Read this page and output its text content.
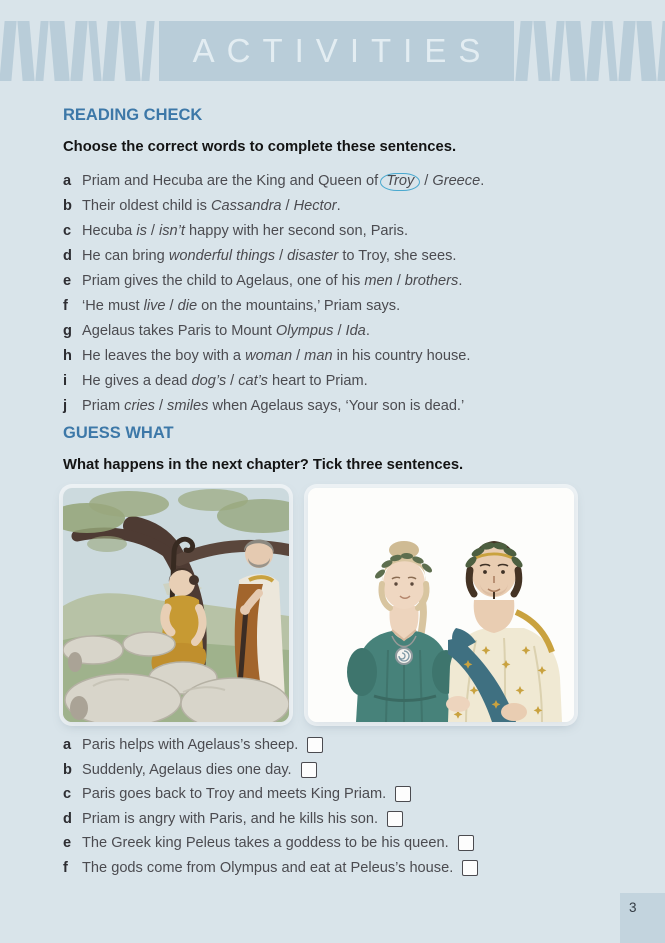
ACTIVITIES
READING CHECK

Choose the correct words to complete these sentences.

a Priam and Hecuba are the King and Queen of Troy / Greece.
b Their oldest child is Cassandra / Hector.
c Hecuba is / isn’t happy with her second son, Paris.
d He can bring wonderful things / disaster to Troy, she sees.
e Priam gives the child to Agelaus, one of his men / brothers.
f ‘He must live / die on the mountains,’ Priam says.
g Agelaus takes Paris to Mount Olympus / Ida.
h He leaves the boy with a woman / man in his country house.
i	He gives a dead dog’s / cat’s heart to Priam.
j	Priam cries / smiles when Agelaus says, ‘Your son is dead.’
GUESS WHAT

What happens in the next chapter? Tick three sentences.

a Paris helps with Agelaus’s sheep.
b Suddenly, Agelaus dies one day.
c Paris goes back to Troy and meets King Priam.
d Priam is angry with Paris, and he kills his son.
e The Greek king Peleus takes a goddess to be his queen.
f The gods come from Olympus and eat at Peleus’s house.
3
